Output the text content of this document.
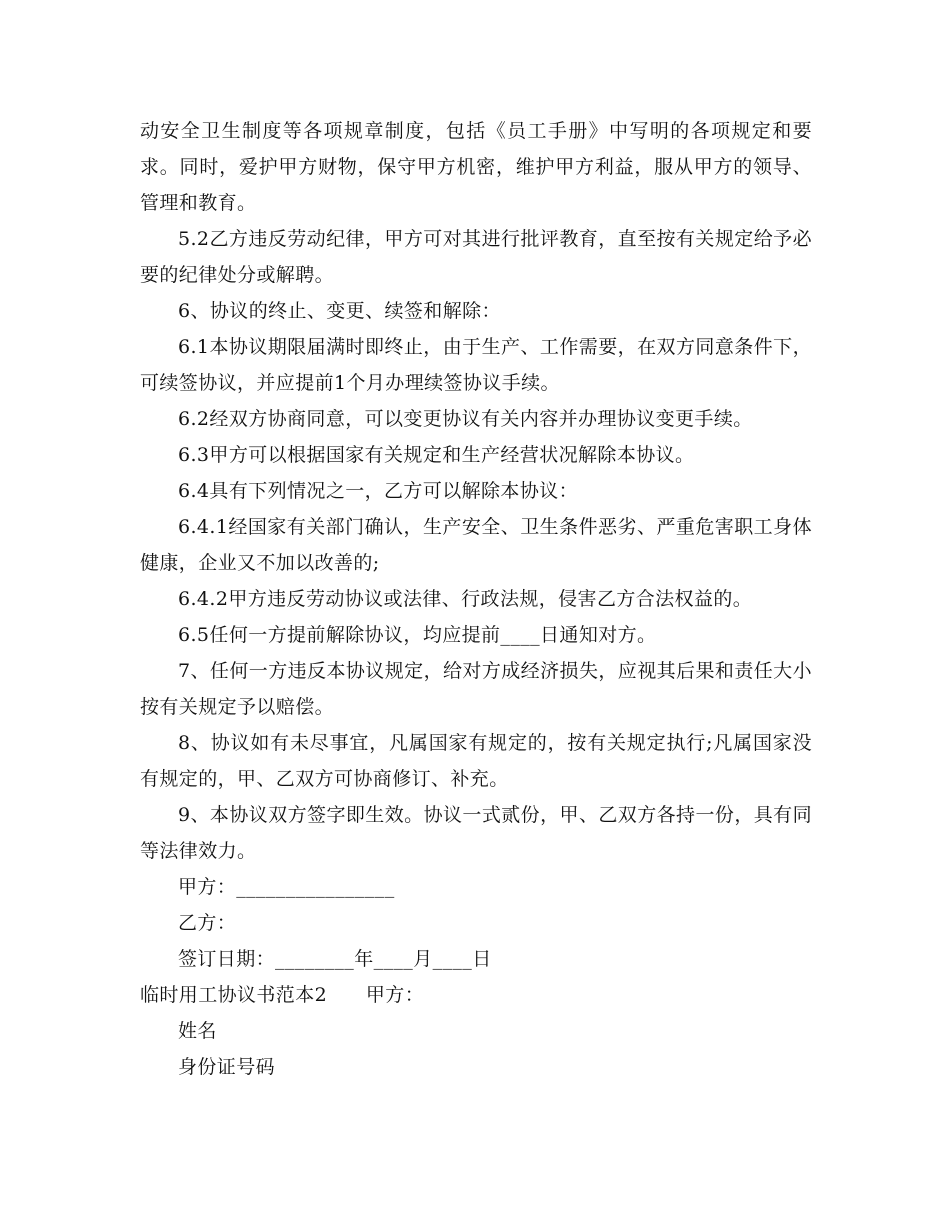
动安全卫生制度等各项规章制度，包括《员工手册》中写明的各项规定和要求。同时，爱护甲方财物，保守甲方机密，维护甲方利益，服从甲方的领导、管理和教育。

5.2乙方违反劳动纪律，甲方可对其进行批评教育，直至按有关规定给予必要的纪律处分或解聘。

6、协议的终止、变更、续签和解除：

6.1本协议期限届满时即终止，由于生产、工作需要，在双方同意条件下，可续签协议，并应提前1个月办理续签协议手续。

6.2经双方协商同意，可以变更协议有关内容并办理协议变更手续。

6.3甲方可以根据国家有关规定和生产经营状况解除本协议。

6.4具有下列情况之一，乙方可以解除本协议：

6.4.1经国家有关部门确认，生产安全、卫生条件恶劣、严重危害职工身体健康，企业又不加以改善的;

6.4.2甲方违反劳动协议或法律、行政法规，侵害乙方合法权益的。

6.5任何一方提前解除协议，均应提前____日通知对方。

7、任何一方违反本协议规定，给对方成经济损失，应视其后果和责任大小按有关规定予以赔偿。

8、协议如有未尽事宜，凡属国家有规定的，按有关规定执行;凡属国家没有规定的，甲、乙双方可协商修订、补充。

9、本协议双方签字即生效。协议一式贰份，甲、乙双方各持一份，具有同等法律效力。

甲方：________________
乙方：
签订日期：________年____月____日
临时用工协议书范本2　　甲方：
姓名
身份证号码
